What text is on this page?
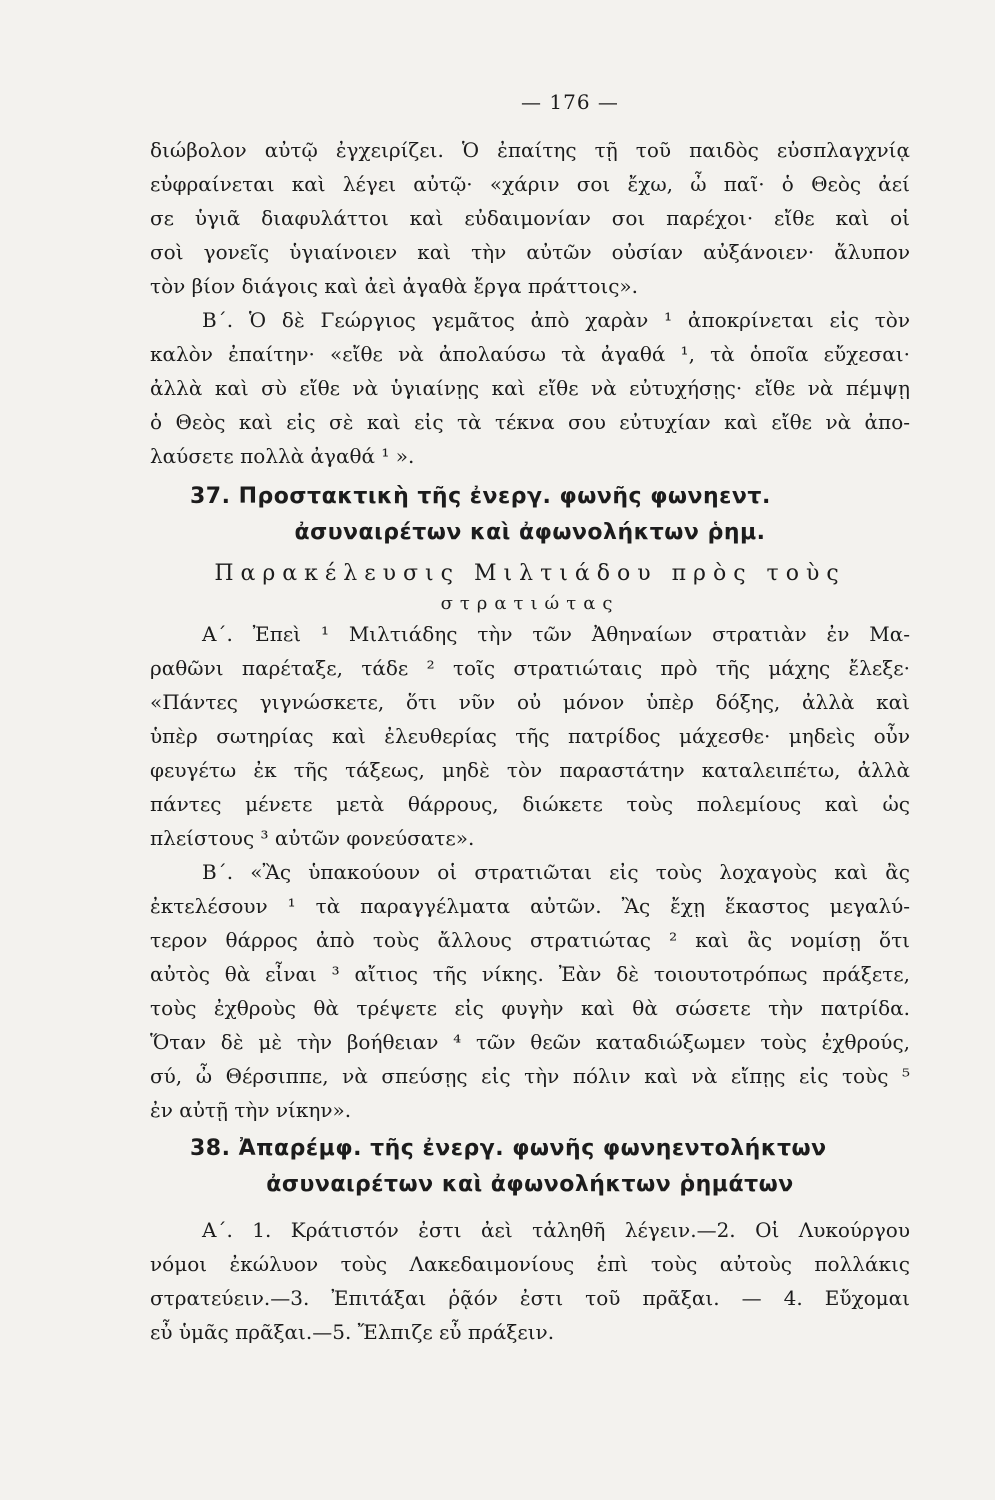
— 176 —
διώβολον αὐτῷ ἐγχειρίζει. Ὁ ἐπαίτης τῇ τοῦ παιδὸς εὐσπλαγχνίᾳ
εὐφραίνεται καὶ λέγει αὐτῷ· «χάριν σοι ἔχω, ὦ παῖ· ὁ Θεὸς ἀεί
σε ὑγιᾶ διαφυλάττοι καὶ εὐδαιμονίαν σοι παρέχοι· εἴθε καὶ οἱ
σοὶ γονεῖς ὑγιαίνοιεν καὶ τὴν αὐτῶν οὐσίαν αὐξάνοιεν· ἄλυπον
τὸν βίον διάγοις καὶ ἀεὶ ἀγαθὰ ἔργα πράττοις».
Β΄. Ὁ δὲ Γεώργιος γεμᾶτος ἀπὸ χαρὰν ¹ ἀποκρίνεται εἰς τὸν
καλὸν ἐπαίτην· «εἴθε νὰ ἀπολαύσω τὰ ἀγαθά ¹, τὰ ὁποῖα εὔχεσαι·
ἀλλὰ καὶ σὺ εἴθε νὰ ὑγιαίνῃς καὶ εἴθε νὰ εὐτυχήσῃς· εἴθε νὰ πέμψῃ
ὁ Θεὸς καὶ εἰς σὲ καὶ εἰς τὰ τέκνα σου εὐτυχίαν καὶ εἴθε νὰ ἀπο-
λαύσετε πολλὰ ἀγαθά ¹ ».
37. Προστακτικὴ τῆς ἐνεργ. φωνῆς φωνηεντ.
ἀσυναιρέτων καὶ ἀφωνολήκτων ῥημ.
Παρακέλευσις Μιλτιάδου πρὸς τοὺς
στρατιώτας
Α΄. Ἐπεὶ ¹ Μιλτιάδης τὴν τῶν Ἀθηναίων στρατιὰν ἐν Μα-
ραθῶνι παρέταξε, τάδε ² τοῖς στρατιώταις πρὸ τῆς μάχης ἔλεξε·
«Πάντες γιγνώσκετε, ὅτι νῦν οὐ μόνον ὑπὲρ δόξης, ἀλλὰ καὶ
ὑπὲρ σωτηρίας καὶ ἐλευθερίας τῆς πατρίδος μάχεσθε· μηδεὶς οὖν
φευγέτω ἐκ τῆς τάξεως, μηδὲ τὸν παραστάτην καταλειπέτω, ἀλλὰ
πάντες μένετε μετὰ θάρρους, διώκετε τοὺς πολεμίους καὶ ὡς
πλείστους ³ αὐτῶν φονεύσατε».
Β΄. «Ἂς ὑπακούουν οἱ στρατιῶται εἰς τοὺς λοχαγοὺς καὶ ἂς
ἐκτελέσουν ¹ τὰ παραγγέλματα αὐτῶν. Ἂς ἔχῃ ἕκαστος μεγαλύ-
τερον θάρρος ἀπὸ τοὺς ἄλλους στρατιώτας ² καὶ ἂς νομίσῃ ὅτι
αὐτὸς θὰ εἶναι ³ αἴτιος τῆς νίκης. Ἐὰν δὲ τοιουτοτρόπως πράξετε,
τοὺς ἐχθροὺς θὰ τρέψετε εἰς φυγὴν καὶ θὰ σώσετε τὴν πατρίδα.
Ὅταν δὲ μὲ τὴν βοήθειαν ⁴ τῶν θεῶν καταδιώξωμεν τοὺς ἐχθρούς,
σύ, ὦ Θέρσιππε, νὰ σπεύσῃς εἰς τὴν πόλιν καὶ νὰ εἴπῃς εἰς τοὺς ⁵
ἐν αὐτῇ τὴν νίκην».
38. Ἀπαρέμφ. τῆς ἐνεργ. φωνῆς φωνηεντολήκτων
ἀσυναιρέτων καὶ ἀφωνολήκτων ῥημάτων
Α΄. 1. Κράτιστόν ἐστι ἀεὶ τἀληθῆ λέγειν.—2. Οἱ Λυκούργου
νόμοι ἐκώλυον τοὺς Λακεδαιμονίους ἐπὶ τοὺς αὐτοὺς πολλάκις
στρατεύειν.—3. Ἐπιτάξαι ῥᾷόν ἐστι τοῦ πρᾶξαι. — 4. Εὔχομαι
εὖ ὑμᾶς πρᾶξαι.—5. Ἔλπιζε εὖ πράξειν.
